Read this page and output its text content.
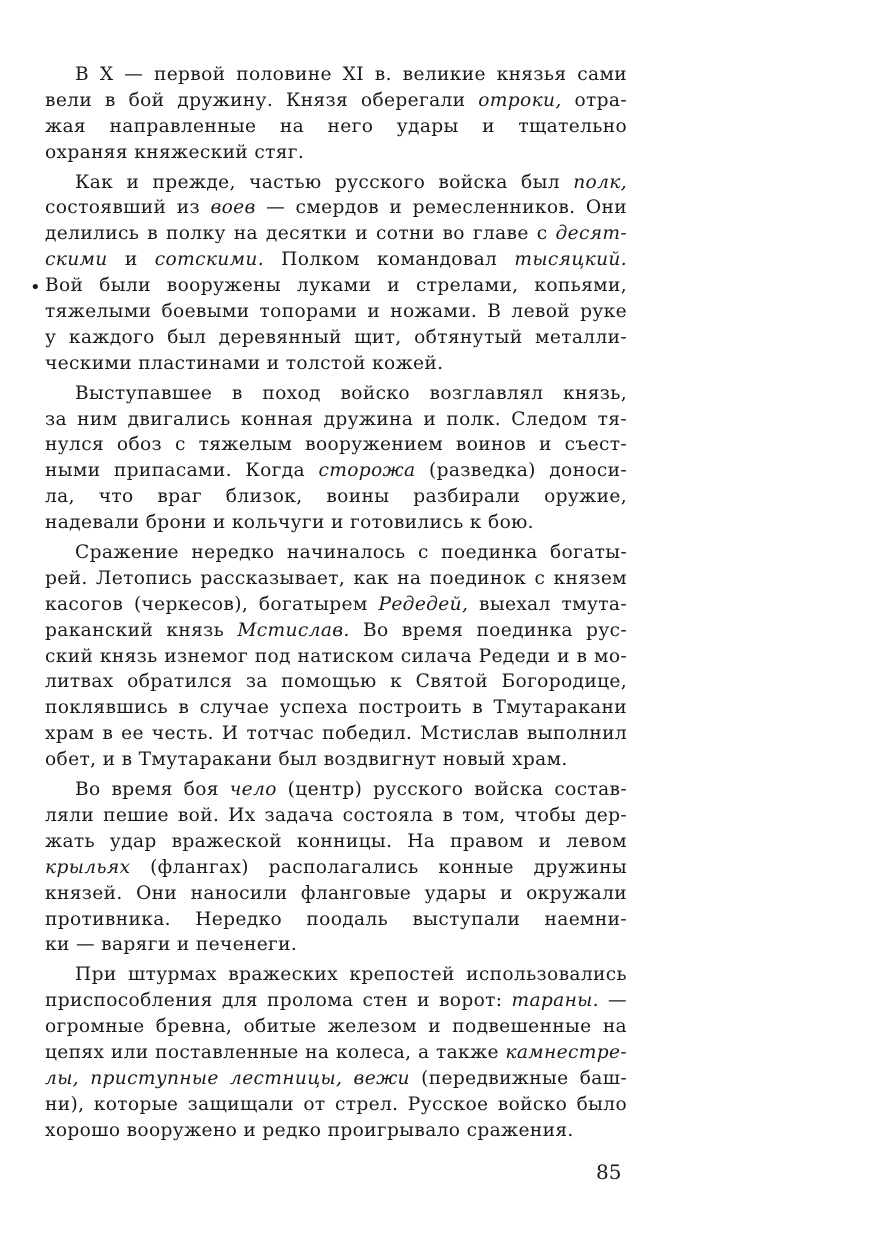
В X — первой половине XI в. великие князья сами
вели в бой дружину. Князя оберегали отроки, отра-
жая направленные на него удары и тщательно
охраняя княжеский стяг.
Как и прежде, частью русского войска был полк,
состоявший из воев — смердов и ремесленников. Они
делились в полку на десятки и сотни во главе с десят-
скими и сотскими. Полком командовал тысяцкий.
Вой были вооружены луками и стрелами, копьями,
тяжелыми боевыми топорами и ножами. В левой руке
у каждого был деревянный щит, обтянутый металли-
ческими пластинами и толстой кожей.
Выступавшее в поход войско возглавлял князь,
за ним двигались конная дружина и полк. Следом тя-
нулся обоз с тяжелым вооружением воинов и съест-
ными припасами. Когда сторожа (разведка) доноси-
ла, что враг близок, воины разбирали оружие,
надевали брони и кольчуги и готовились к бою.
Сражение нередко начиналось с поединка богаты-
рей. Летопись рассказывает, как на поединок с князем
касогов (черкесов), богатырем Редедей, выехал тмута-
раканский князь Мстислав. Во время поединка рус-
ский князь изнемог под натиском силача Редеди и в мо-
литвах обратился за помощью к Святой Богородице,
поклявшись в случае успеха построить в Тмутаракани
храм в ее честь. И тотчас победил. Мстислав выполнил
обет, и в Тмутаракани был воздвигнут новый храм.
Во время боя чело (центр) русского войска состав-
ляли пешие вой. Их задача состояла в том, чтобы дер-
жать удар вражеской конницы. На правом и левом
крыльях (флангах) располагались конные дружины
князей. Они наносили фланговые удары и окружали
противника. Нередко поодаль выступали наемни-
ки — варяги и печенеги.
При штурмах вражеских крепостей использовались
приспособления для пролома стен и ворот: тараны. —
огромные бревна, обитые железом и подвешенные на
цепях или поставленные на колеса, а также камнестре-
лы, приступные лестницы, вежи (передвижные баш-
ни), которые защищали от стрел. Русское войско было
хорошо вооружено и редко проигрывало сражения.
•
85
